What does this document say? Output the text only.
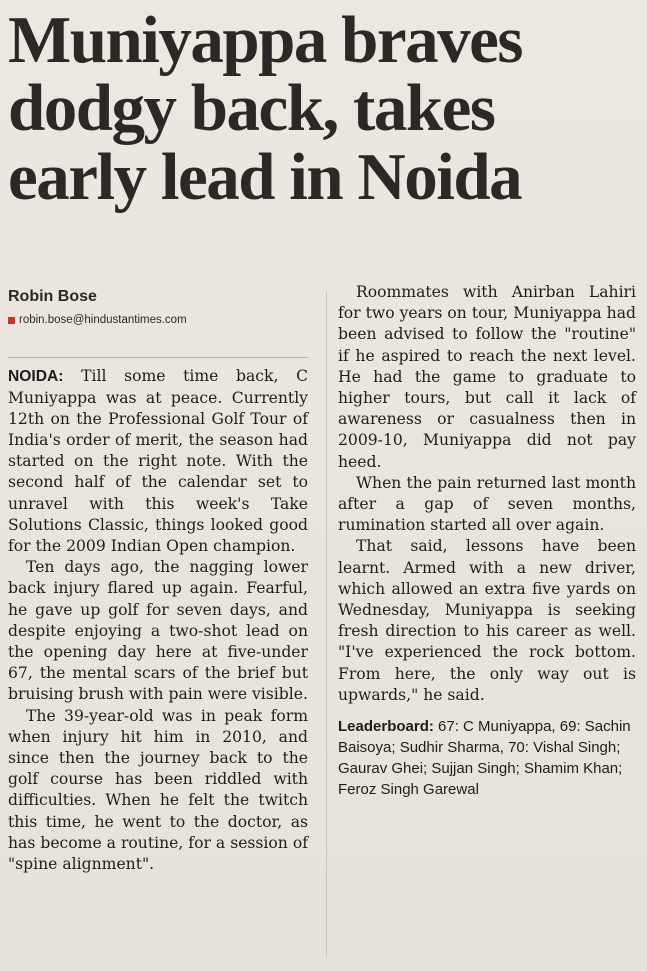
Muniyappa braves
dodgy back, takes
early lead in Noida
Robin Bose
robin.bose@hindustantimes.com

NOIDA: Till some time back, C Muniyappa was at peace. Currently 12th on the Professional Golf Tour of India's order of merit, the season had started on the right note. With the second half of the calendar set to unravel with this week's Take Solutions Classic, things looked good for the 2009 Indian Open champion.

Ten days ago, the nagging lower back injury flared up again. Fearful, he gave up golf for seven days, and despite enjoying a two-shot lead on the opening day here at five-under 67, the mental scars of the brief but bruising brush with pain were visible.

The 39-year-old was in peak form when injury hit him in 2010, and since then the journey back to the golf course has been riddled with difficulties. When he felt the twitch this time, he went to the doctor, as has become a routine, for a session of "spine alignment".

Roommates with Anirban Lahiri for two years on tour, Muniyappa had been advised to follow the "routine" if he aspired to reach the next level. He had the game to graduate to higher tours, but call it lack of awareness or casualness then in 2009-10, Muniyappa did not pay heed.

When the pain returned last month after a gap of seven months, rumination started all over again.

That said, lessons have been learnt. Armed with a new driver, which allowed an extra five yards on Wednesday, Muniyappa is seeking fresh direction to his career as well. "I've experienced the rock bottom. From here, the only way out is upwards," he said.

Leaderboard: 67: C Muniyappa, 69: Sachin Baisoya; Sudhir Sharma, 70: Vishal Singh; Gaurav Ghei; Sujjan Singh; Shamim Khan; Feroz Singh Garewal
